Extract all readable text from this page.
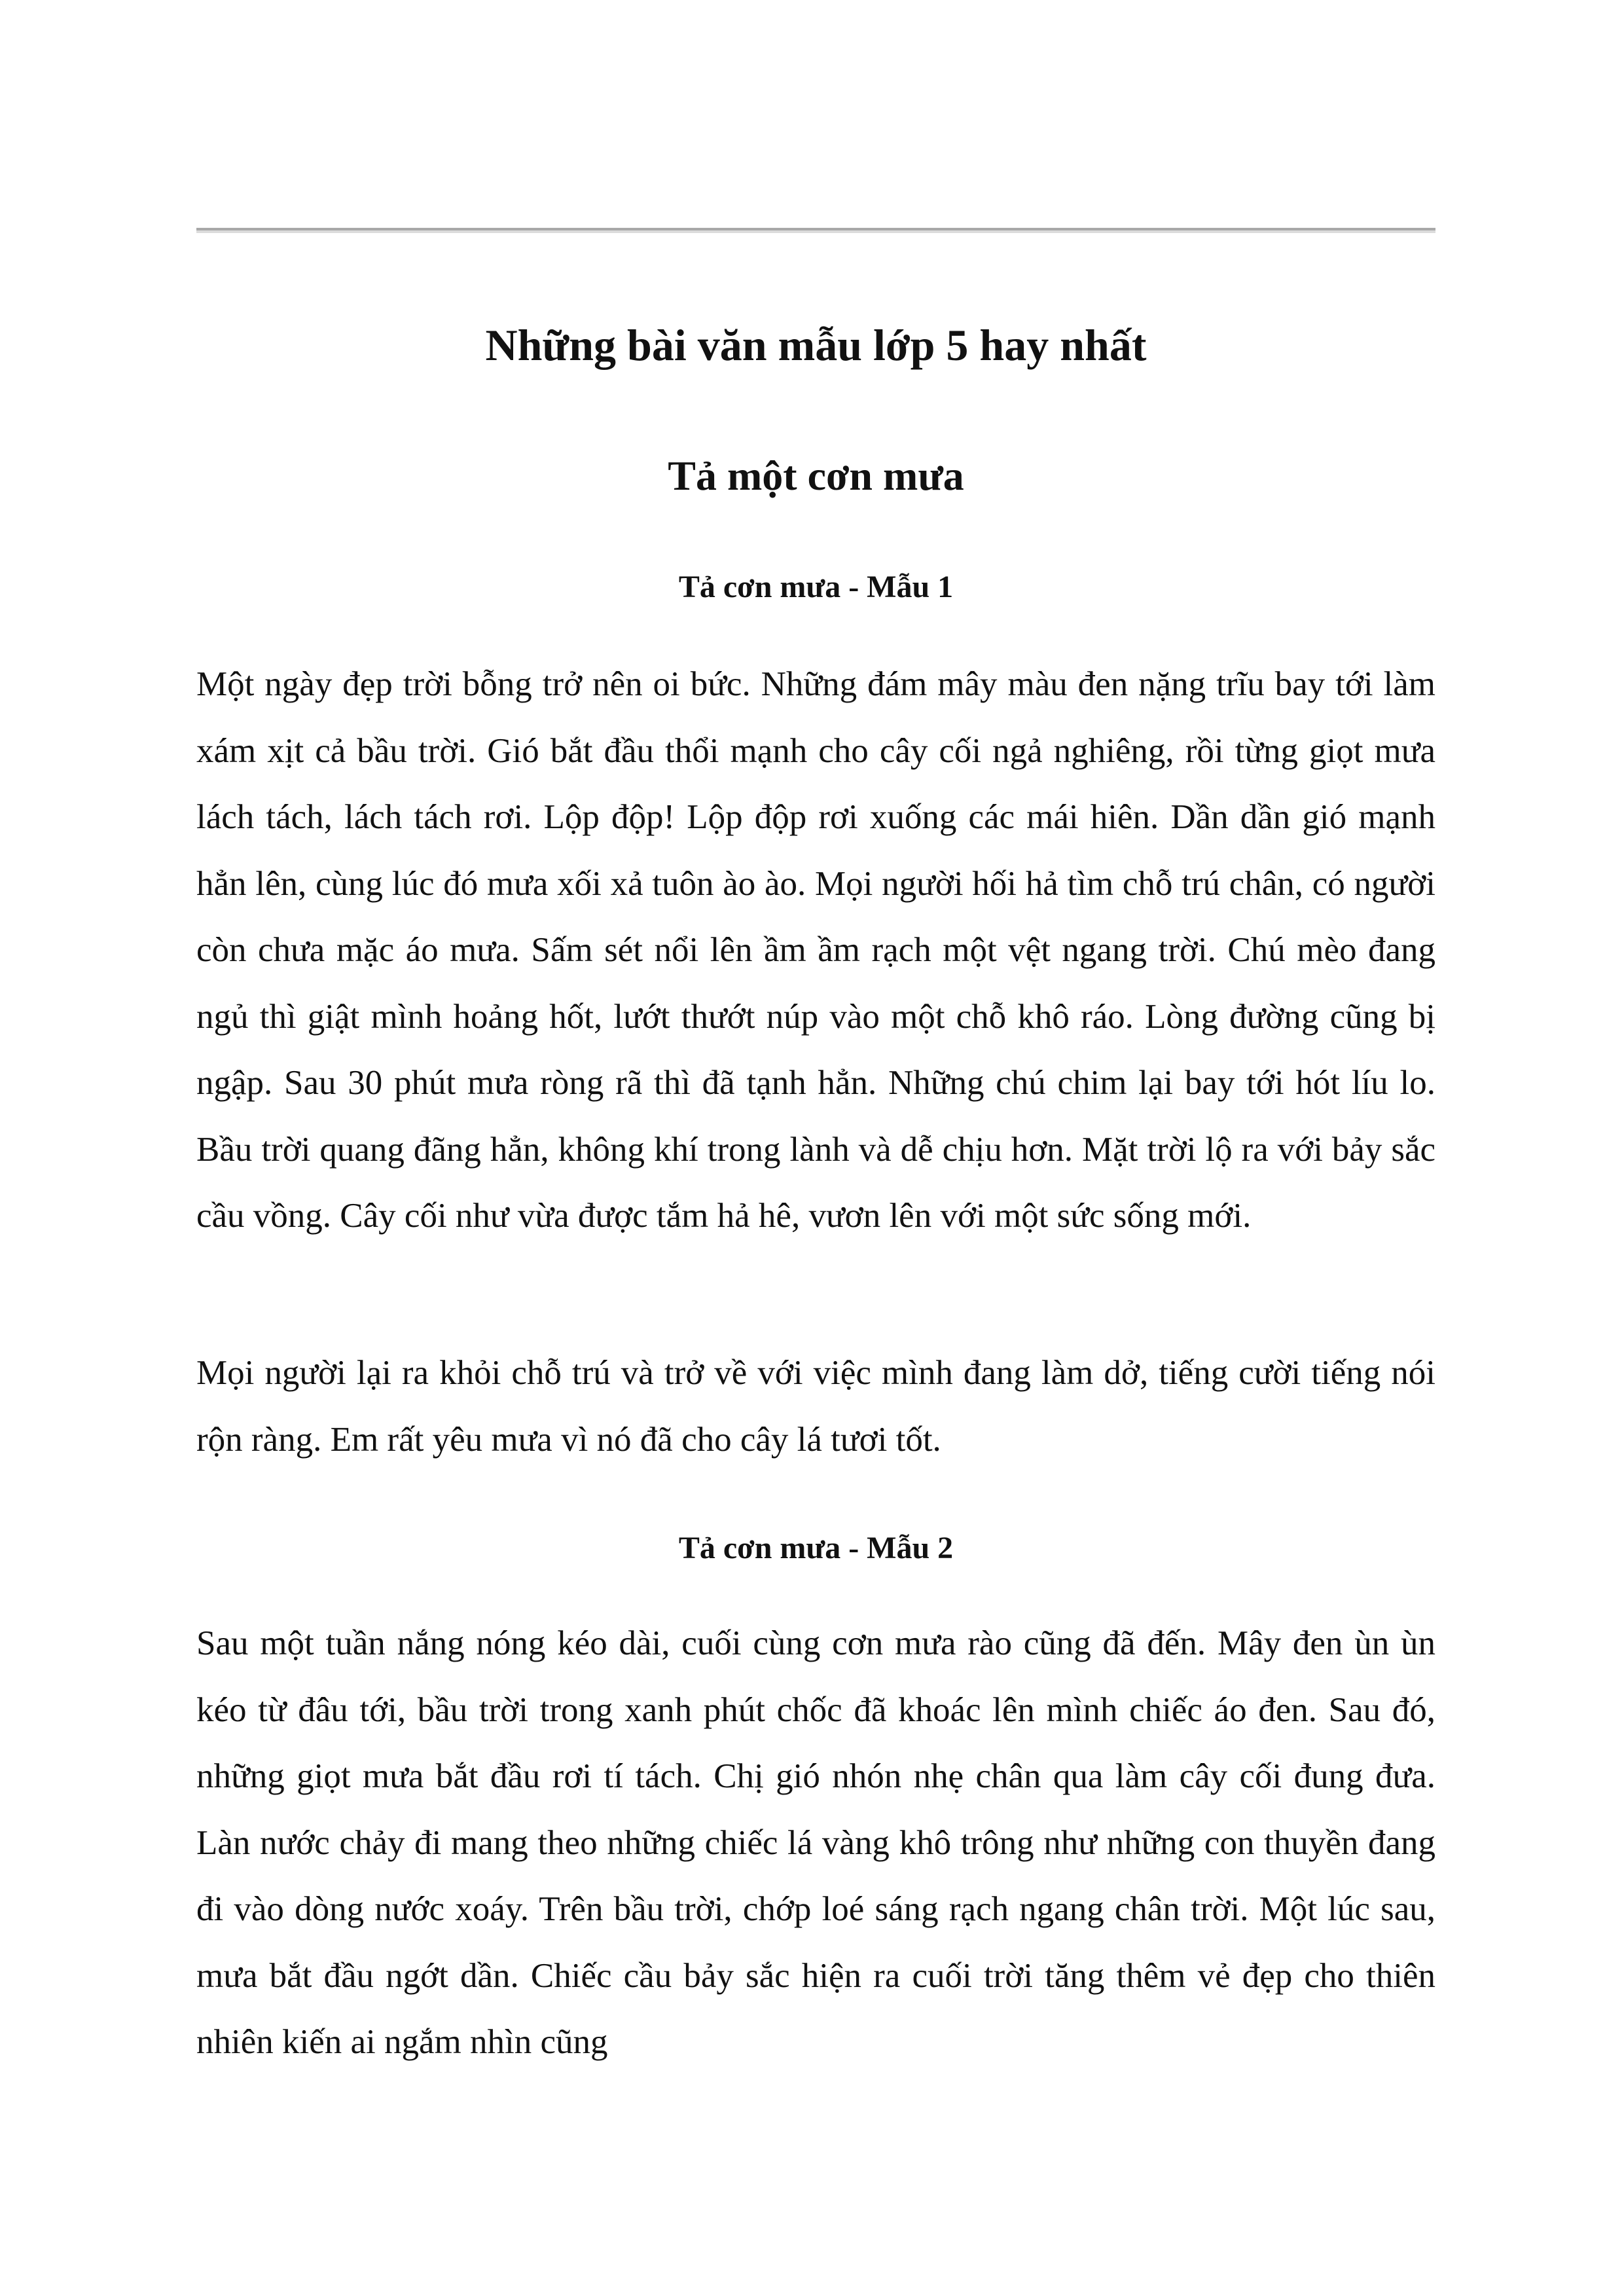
Những bài văn mẫu lớp 5 hay nhất
Tả một cơn mưa
Tả cơn mưa - Mẫu 1

Một ngày đẹp trời bỗng trở nên oi bức. Những đám mây màu đen nặng trĩu bay tới làm xám xịt cả bầu trời. Gió bắt đầu thổi mạnh cho cây cối ngả nghiêng, rồi từng giọt mưa lách tách, lách tách rơi. Lộp độp! Lộp độp rơi xuống các mái hiên. Dần dần gió mạnh hẳn lên, cùng lúc đó mưa xối xả tuôn ào ào. Mọi người hối hả tìm chỗ trú chân, có người còn chưa mặc áo mưa. Sấm sét nổi lên ầm ầm rạch một vệt ngang trời. Chú mèo đang ngủ thì giật mình hoảng hốt, lướt thướt núp vào một chỗ khô ráo. Lòng đường cũng bị ngập. Sau 30 phút mưa ròng rã thì đã tạnh hẳn. Những chú chim lại bay tới hót líu lo. Bầu trời quang đãng hẳn, không khí trong lành và dễ chịu hơn. Mặt trời lộ ra với bảy sắc cầu vồng. Cây cối như vừa được tắm hả hê, vươn lên với một sức sống mới.

Mọi người lại ra khỏi chỗ trú và trở về với việc mình đang làm dở, tiếng cười tiếng nói rộn ràng. Em rất yêu mưa vì nó đã cho cây lá tươi tốt.

Tả cơn mưa - Mẫu 2

Sau một tuần nắng nóng kéo dài, cuối cùng cơn mưa rào cũng đã đến. Mây đen ùn ùn kéo từ đâu tới, bầu trời trong xanh phút chốc đã khoác lên mình chiếc áo đen. Sau đó, những giọt mưa bắt đầu rơi tí tách. Chị gió nhón nhẹ chân qua làm cây cối đung đưa. Làn nước chảy đi mang theo những chiếc lá vàng khô trông như những con thuyền đang đi vào dòng nước xoáy. Trên bầu trời, chớp loé sáng rạch ngang chân trời. Một lúc sau, mưa bắt đầu ngớt dần. Chiếc cầu bảy sắc hiện ra cuối trời tăng thêm vẻ đẹp cho thiên nhiên kiến ai ngắm nhìn cũng
